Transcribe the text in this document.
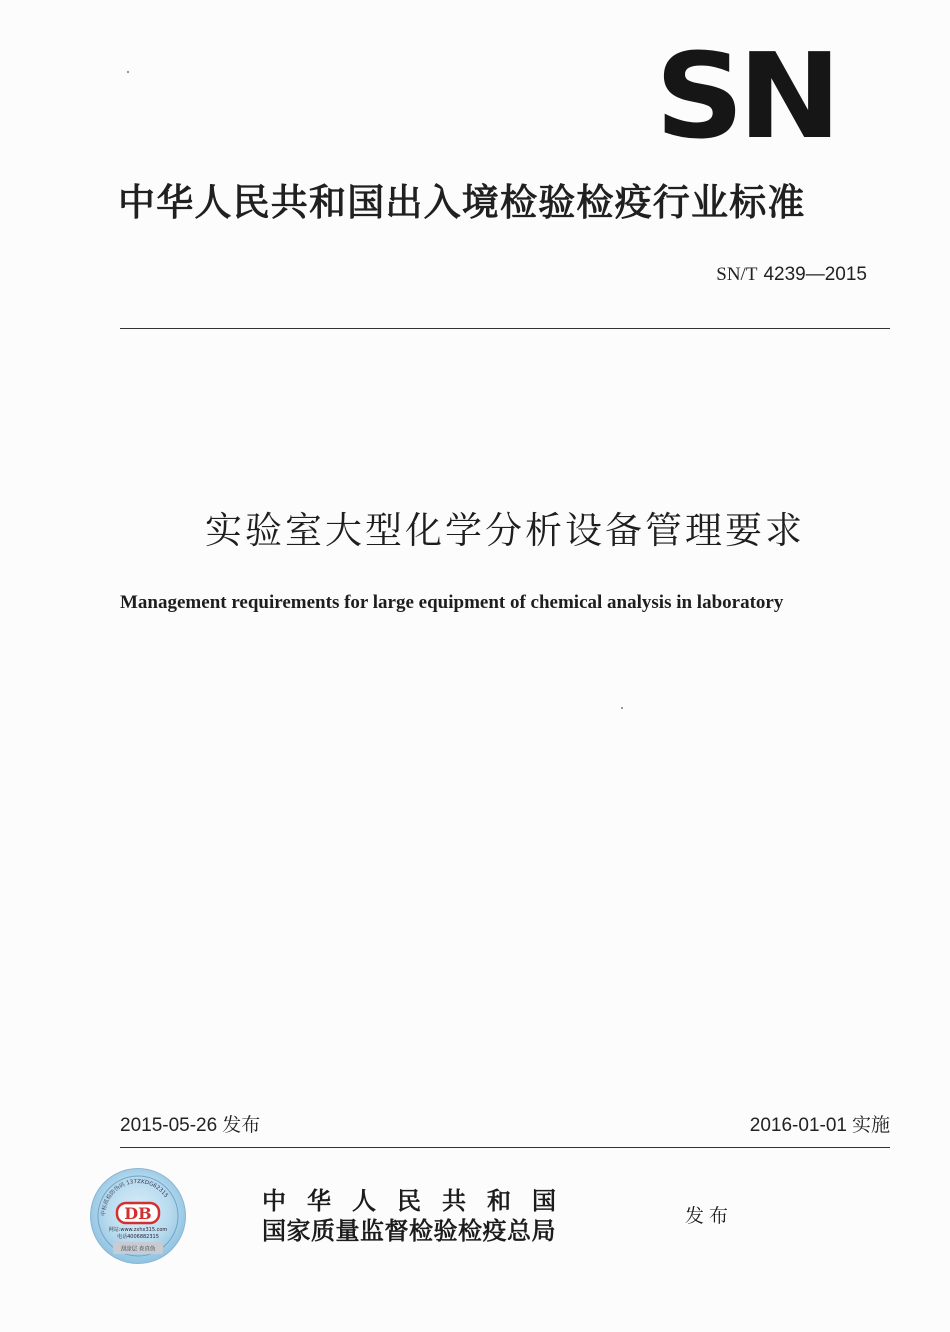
SN
中华人民共和国出入境检验检疫行业标准
SN/T 4239—2015
实验室大型化学分析设备管理要求
Management requirements for large equipment of chemical analysis in laboratory
2015-05-26 发布	2016-01-01 实施
中标质检防伪码 137ZKDG62315
DB
网站:www.zxhx315.com
电话4006882315
刮涂层 查真伪
中华人民共和国
国家质量监督检验检疫总局	发布
